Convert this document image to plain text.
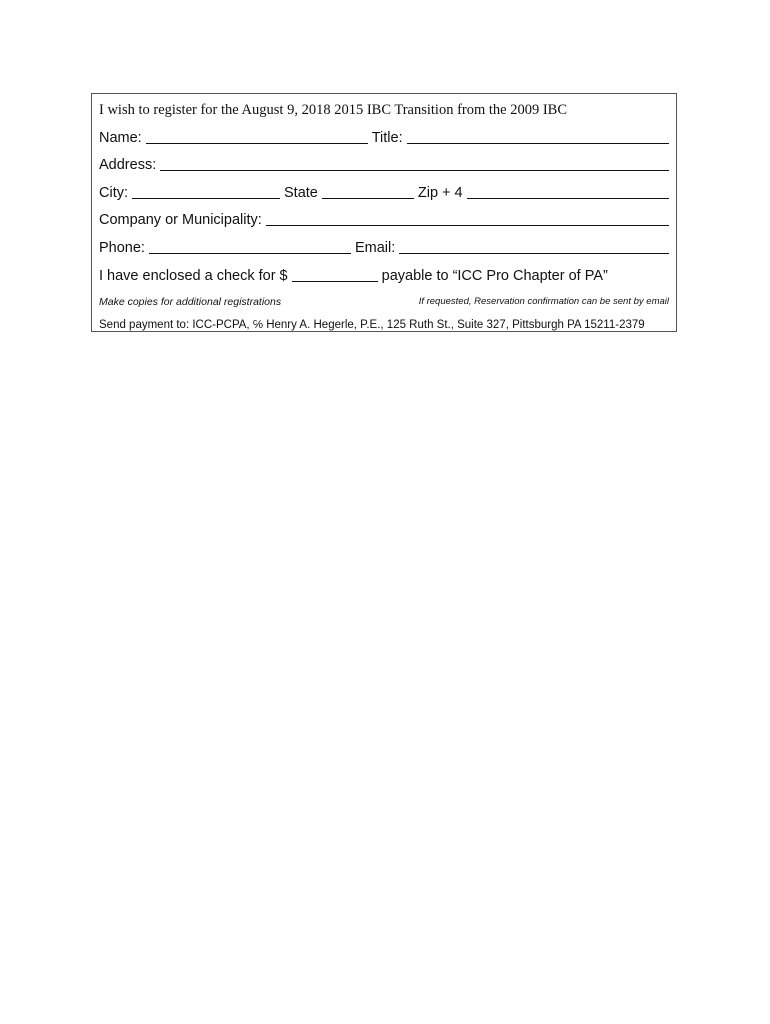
I wish to register for the August 9, 2018 2015 IBC Transition from the 2009 IBC
Name:	Title:
Address:
City:	State	Zip + 4
Company or Municipality:
Phone:	Email:
I have enclosed a check for $	payable to “ICC Pro Chapter of PA”
Make copies for additional registrations	If requested, Reservation confirmation can be sent by email
Send payment to: ICC-PCPA, ℅ Henry A. Hegerle, P.E., 125 Ruth St., Suite 327, Pittsburgh PA 15211-2379
